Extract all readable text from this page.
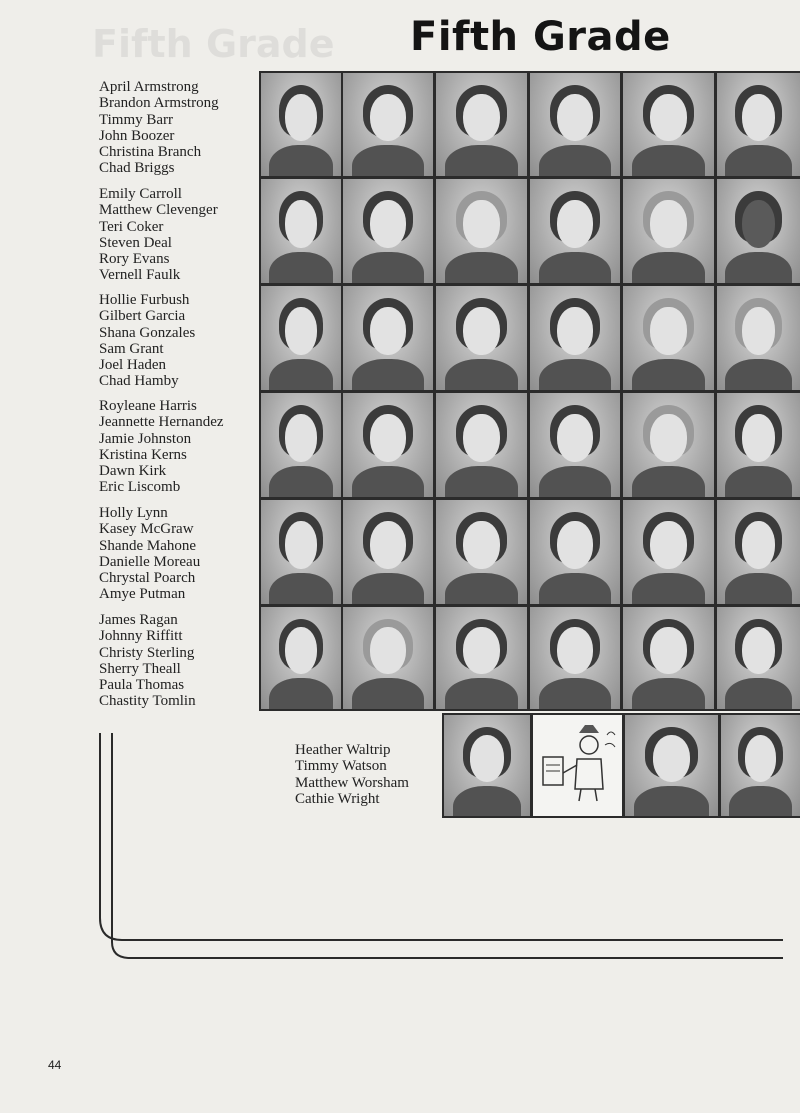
Fifth Grade Fifth Grade
April Armstrong
Brandon Armstrong
Timmy Barr
John Boozer
Christina Branch
Chad Briggs
Emily Carroll
Matthew Clevenger
Teri Coker
Steven Deal
Rory Evans
Vernell Faulk
Hollie Furbush
Gilbert Garcia
Shana Gonzales
Sam Grant
Joel Haden
Chad Hamby
Royleane Harris
Jeannette Hernandez
Jamie Johnston
Kristina Kerns
Dawn Kirk
Eric Liscomb
Holly Lynn
Kasey McGraw
Shande Mahone
Danielle Moreau
Chrystal Poarch
Amye Putman
James Ragan
Johnny Riffitt
Christy Sterling
Sherry Theall
Paula Thomas
Chastity Tomlin
Heather Waltrip
Timmy Watson
Matthew Worsham
Cathie Wright
44
